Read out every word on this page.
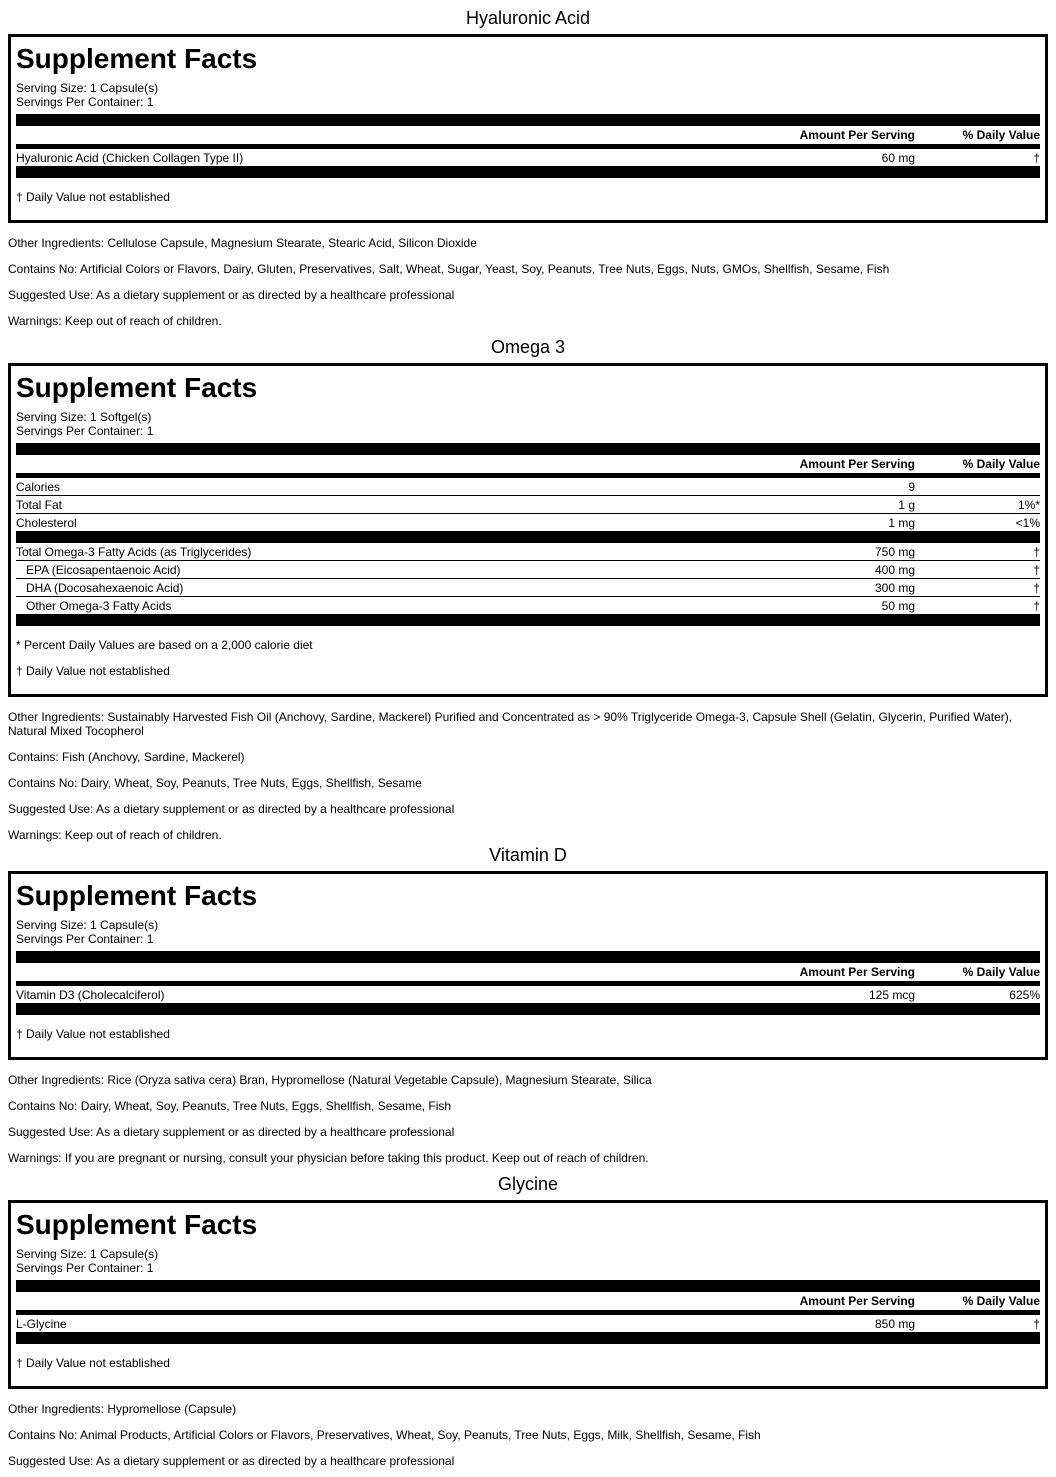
Hyaluronic Acid
Supplement Facts
Serving Size: 1 Capsule(s)
Servings Per Container: 1
Amount Per Serving	% Daily Value
Hyaluronic Acid (Chicken Collagen Type II)	60 mg	†
† Daily Value not established
Other Ingredients: Cellulose Capsule, Magnesium Stearate, Stearic Acid, Silicon Dioxide
Contains No: Artificial Colors or Flavors, Dairy, Gluten, Preservatives, Salt, Wheat, Sugar, Yeast, Soy, Peanuts, Tree Nuts, Eggs, Nuts, GMOs, Shellfish, Sesame, Fish
Suggested Use: As a dietary supplement or as directed by a healthcare professional
Warnings: Keep out of reach of children.
Omega 3
Supplement Facts
Serving Size: 1 Softgel(s)
Servings Per Container: 1
Amount Per Serving	% Daily Value
Calories	9
Total Fat	1 g	1%*
Cholesterol	1 mg	<1%
Total Omega-3 Fatty Acids (as Triglycerides)	750 mg	†
EPA (Eicosapentaenoic Acid)	400 mg	†
DHA (Docosahexaenoic Acid)	300 mg	†
Other Omega-3 Fatty Acids	50 mg	†
* Percent Daily Values are based on a 2,000 calorie diet
† Daily Value not established
Other Ingredients: Sustainably Harvested Fish Oil (Anchovy, Sardine, Mackerel) Purified and Concentrated as > 90% Triglyceride Omega-3, Capsule Shell (Gelatin, Glycerin, Purified Water), Natural Mixed Tocopherol
Contains: Fish (Anchovy, Sardine, Mackerel)
Contains No: Dairy, Wheat, Soy, Peanuts, Tree Nuts, Eggs, Shellfish, Sesame
Suggested Use: As a dietary supplement or as directed by a healthcare professional
Warnings: Keep out of reach of children.
Vitamin D
Supplement Facts
Serving Size: 1 Capsule(s)
Servings Per Container: 1
Amount Per Serving	% Daily Value
Vitamin D3 (Cholecalciferol)	125 mcg	625%
† Daily Value not established
Other Ingredients: Rice (Oryza sativa cera) Bran, Hypromellose (Natural Vegetable Capsule), Magnesium Stearate, Silica
Contains No: Dairy, Wheat, Soy, Peanuts, Tree Nuts, Eggs, Shellfish, Sesame, Fish
Suggested Use: As a dietary supplement or as directed by a healthcare professional
Warnings: If you are pregnant or nursing, consult your physician before taking this product. Keep out of reach of children.
Glycine
Supplement Facts
Serving Size: 1 Capsule(s)
Servings Per Container: 1
Amount Per Serving	% Daily Value
L-Glycine	850 mg	†
† Daily Value not established
Other Ingredients: Hypromellose (Capsule)
Contains No: Animal Products, Artificial Colors or Flavors, Preservatives, Wheat, Soy, Peanuts, Tree Nuts, Eggs, Milk, Shellfish, Sesame, Fish
Suggested Use: As a dietary supplement or as directed by a healthcare professional
